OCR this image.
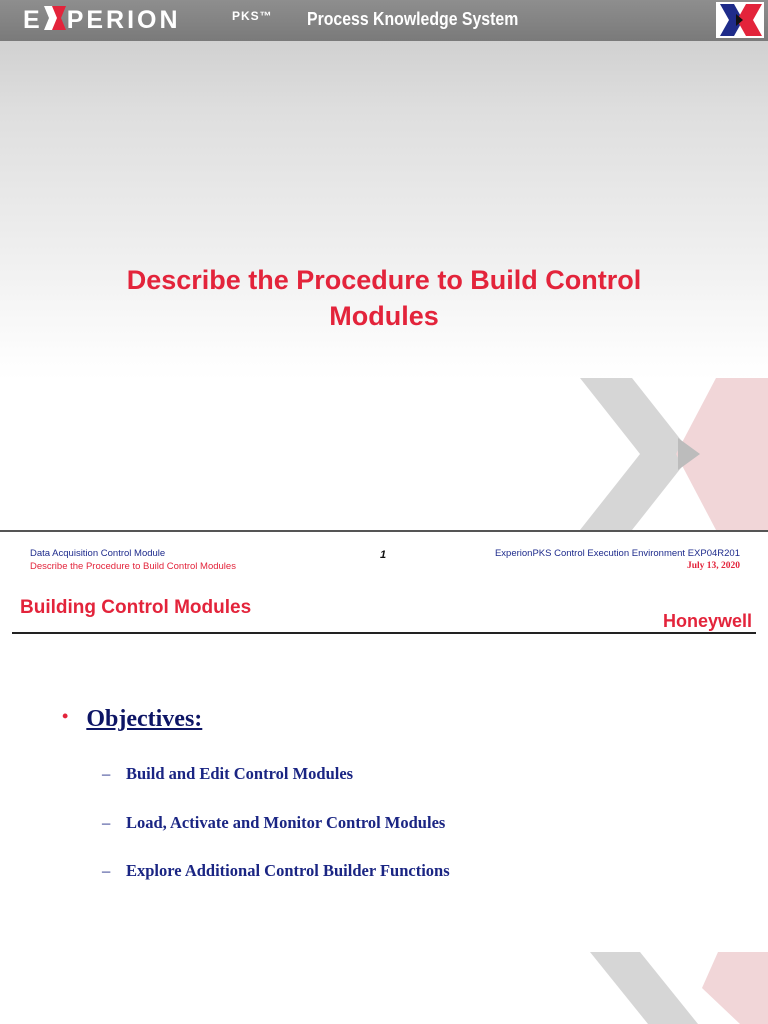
E PERION	PKS™ Process Knowledge System
Describe the Procedure to Build Control
Modules
Data Acquisition Control Module
Describe the Procedure to Build Control Modules
1	ExperionPKS Control Execution Environment EXP04R201
July 13, 2020
Building Control Modules
Honeywell
• Objectives:
– Build and Edit Control Modules
– Load, Activate and Monitor Control Modules
– Explore Additional Control Builder Functions
